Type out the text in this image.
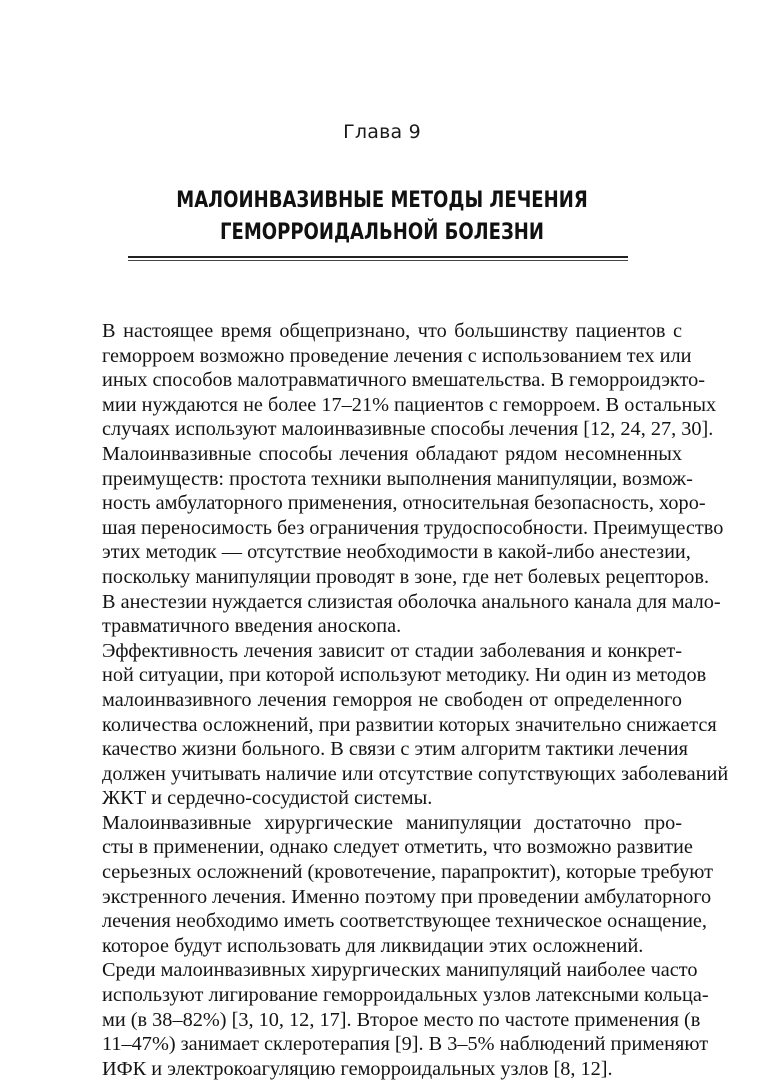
Глава 9
МАЛОИНВАЗИВНЫЕ МЕТОДЫ ЛЕЧЕНИЯ
ГЕМОРРОИДАЛЬНОЙ БОЛЕЗНИ

В настоящее время общепризнано, что большинству пациентов с
геморроем возможно проведение лечения с использованием тех или
иных способов малотравматичного вмешательства. В геморроидэкто-
мии нуждаются не более 17–21% пациентов с геморроем. В остальных
случаях используют малоинвазивные способы лечения [12, 24, 27, 30].

Малоинвазивные способы лечения обладают рядом несомненных
преимуществ: простота техники выполнения манипуляции, возмож-
ность амбулаторного применения, относительная безопасность, хоро-
шая переносимость без ограничения трудоспособности. Преимущество
этих методик — отсутствие необходимости в какой-либо анестезии,
поскольку манипуляции проводят в зоне, где нет болевых рецепторов.
В анестезии нуждается слизистая оболочка анального канала для мало-
травматичного введения аноскопа.

Эффективность лечения зависит от стадии заболевания и конкрет-
ной ситуации, при которой используют методику. Ни один из методов
малоинвазивного лечения геморроя не свободен от определенного
количества осложнений, при развитии которых значительно снижается
качество жизни больного. В связи с этим алгоритм тактики лечения
должен учитывать наличие или отсутствие сопутствующих заболеваний
ЖКТ и сердечно-сосудистой системы.

Малоинвазивные хирургические манипуляции достаточно про-
сты в применении, однако следует отметить, что возможно развитие
серьезных осложнений (кровотечение, парапроктит), которые требуют
экстренного лечения. Именно поэтому при проведении амбулаторного
лечения необходимо иметь соответствующее техническое оснащение,
которое будут использовать для ликвидации этих осложнений.

Среди малоинвазивных хирургических манипуляций наиболее часто
используют лигирование геморроидальных узлов латексными кольца-
ми (в 38–82%) [3, 10, 12, 17]. Второе место по частоте применения (в
11–47%) занимает склеротерапия [9]. В 3–5% наблюдений применяют
ИФК и электрокоагуляцию геморроидальных узлов [8, 12].
